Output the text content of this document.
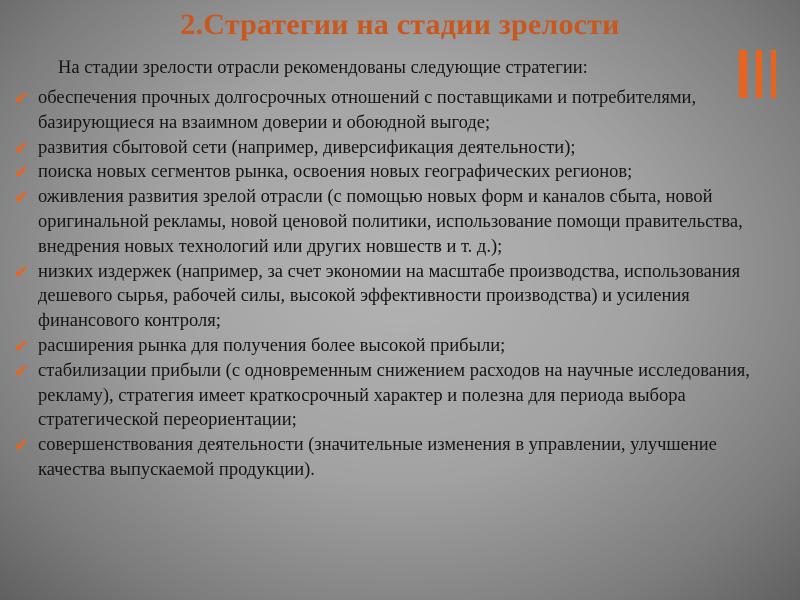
2.Стратегии на стадии зрелости
На стадии зрелости отрасли рекомендованы следующие стратегии:
✔ обеспечения прочных долгосрочных отношений с поставщиками и потребителями, базирующиеся на взаимном доверии и обоюдной выгоде;
✔ развития сбытовой сети (например, диверсификация деятельности);
✔ поиска новых сегментов рынка, освоения новых географических регионов;
✔ оживления развития зрелой отрасли (с помощью новых форм и каналов сбыта, новой оригинальной рекламы, новой ценовой политики, использование помощи правительства, внедрения новых технологий или других новшеств и т. д.);
✔ низких издержек (например, за счет экономии на масштабе производства, использования дешевого сырья, рабочей силы, высокой эффективности производства) и усиления финансового контроля;
✔ расширения рынка для получения более высокой прибыли;
✔ стабилизации прибыли (с одновременным снижением расходов на научные исследования, рекламу), стратегия имеет краткосрочный характер и полезна для периода выбора стратегической переориентации;
✔ совершенствования деятельности (значительные изменения в управлении, улучшение качества выпускаемой продукции).
